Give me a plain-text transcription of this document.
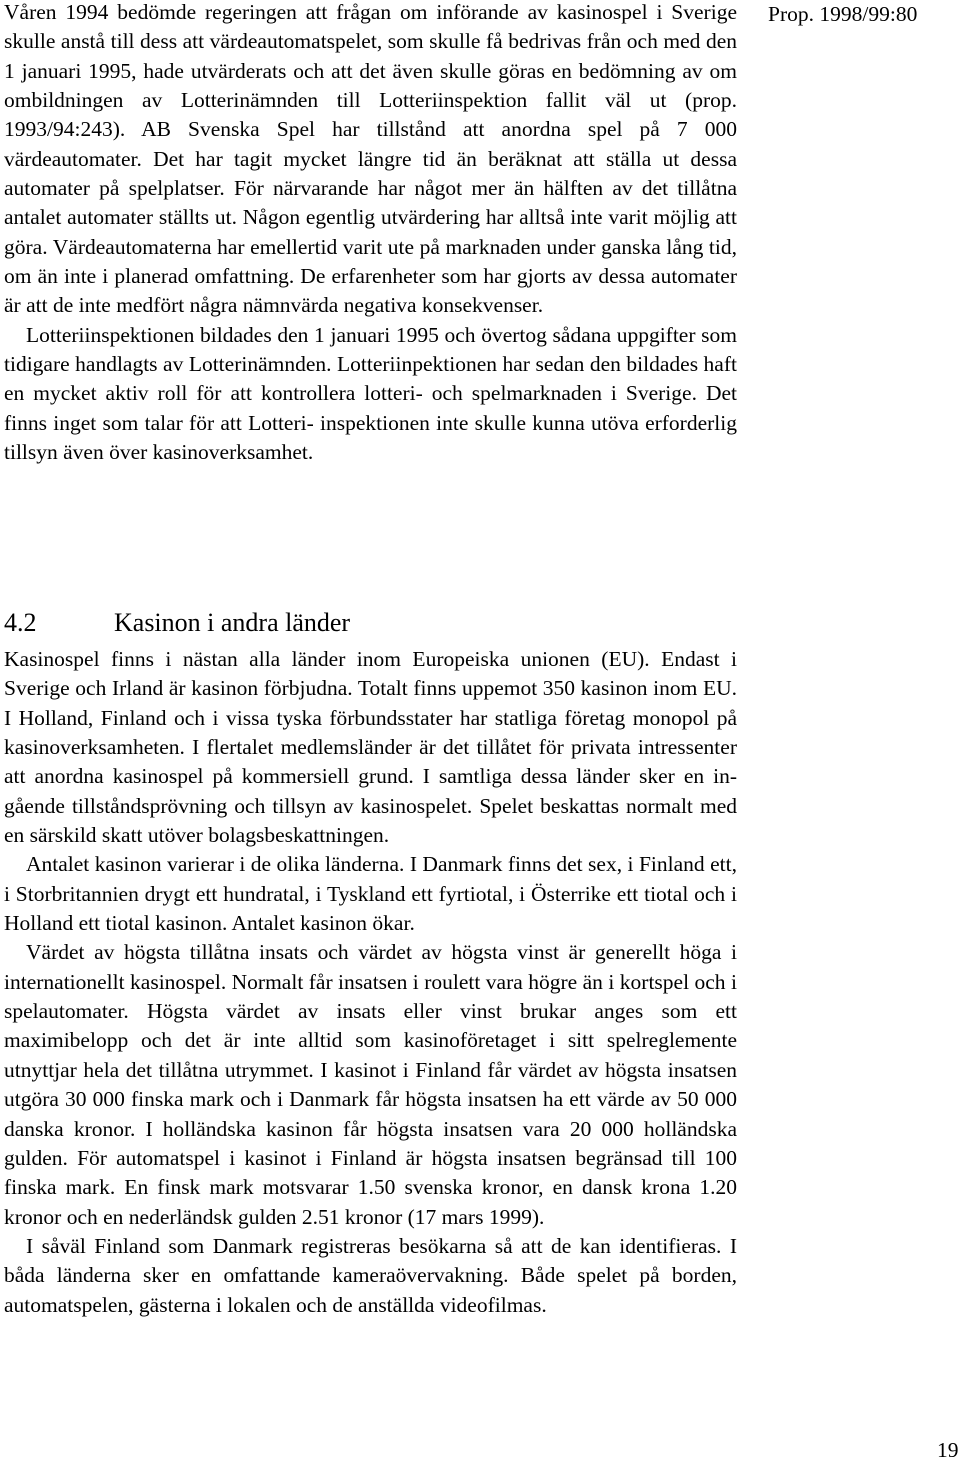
Prop. 1998/99:80

Våren 1994 bedömde regeringen att frågan om införande av kasinospel i Sverige skulle anstå till dess att värdeautomatspelet, som skulle få bedrivas från och med den 1 januari 1995, hade utvärderats och att det även skulle göras en bedömning av om ombildningen av Lotterinämnden till Lotteriinspektion fallit väl ut (prop. 1993/94:243). AB Svenska Spel har tillstånd att anordna spel på 7 000 värdeautomater. Det har tagit mycket längre tid än beräknat att ställa ut dessa automater på spelplatser. För närvarande har något mer än hälften av det tillåtna antalet automater ställts ut. Någon egentlig utvärdering har alltså inte varit möjlig att göra. Värdeautomaterna har emellertid varit ute på marknaden under ganska lång tid, om än inte i planerad omfattning. De erfarenheter som har gjorts av dessa automater är att de inte medfört några nämnvärda negativa konsekvenser.

Lotteriinspektionen bildades den 1 januari 1995 och övertog sådana uppgifter som tidigare handlagts av Lotterinämnden. Lotteriinpektionen har sedan den bildades haft en mycket aktiv roll för att kontrollera lotteri- och spelmarknaden i Sverige. Det finns inget som talar för att Lotteri- inspektionen inte skulle kunna utöva erforderlig tillsyn även över kasinoverksamhet.

4.2	Kasinon i andra länder

Kasinospel finns i nästan alla länder inom Europeiska unionen (EU). Endast i Sverige och Irland är kasinon förbjudna. Totalt finns uppemot 350 kasinon inom EU. I Holland, Finland och i vissa tyska förbundsstater har statliga företag monopol på kasinoverksamheten. I flertalet medlemsländer är det tillåtet för privata intressenter att anordna kasinospel på kommersiell grund. I samtliga dessa länder sker en in- gående tillståndsprövning och tillsyn av kasinospelet. Spelet beskattas normalt med en särskild skatt utöver bolagsbeskattningen.

Antalet kasinon varierar i de olika länderna. I Danmark finns det sex, i Finland ett, i Storbritannien drygt ett hundratal, i Tyskland ett fyrtiotal, i Österrike ett tiotal och i Holland ett tiotal kasinon. Antalet kasinon ökar.

Värdet av högsta tillåtna insats och värdet av högsta vinst är generellt höga i internationellt kasinospel. Normalt får insatsen i roulett vara högre än i kortspel och i spelautomater. Högsta värdet av insats eller vinst brukar anges som ett maximibelopp och det är inte alltid som kasinoföretaget i sitt spelreglemente utnyttjar hela det tillåtna utrymmet. I kasinot i Finland får värdet av högsta insatsen utgöra 30 000 finska mark och i Danmark får högsta insatsen ha ett värde av 50 000 danska kronor. I holländska kasinon får högsta insatsen vara 20 000 holländska gulden. För automatspel i kasinot i Finland är högsta insatsen begränsad till 100 finska mark. En finsk mark motsvarar 1.50 svenska kronor, en dansk krona 1.20 kronor och en nederländsk gulden 2.51 kronor (17 mars 1999).

I såväl Finland som Danmark registreras besökarna så att de kan identifieras. I båda länderna sker en omfattande kameraövervakning. Både spelet på borden, automatspelen, gästerna i lokalen och de anställda videofilmas.

19
